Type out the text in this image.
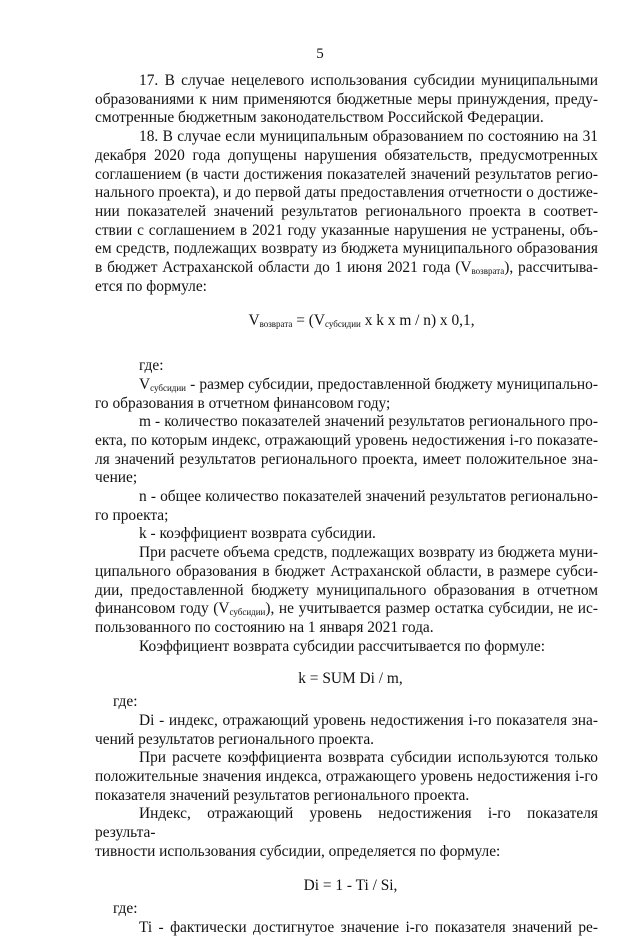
5

17. В случае нецелевого использования субсидии муниципальными

образованиями к ним применяются бюджетные меры принуждения, преду-

смотренные бюджетным законодательством Российской Федерации.

18. В случае если муниципальным образованием по состоянию на 31

декабря 2020 года допущены нарушения обязательств, предусмотренных

соглашением (в части достижения показателей значений результатов регио-

нального проекта), и до первой даты предоставления отчетности о достиже-

нии показателей значений результатов регионального проекта в соответ-

ствии с соглашением в 2021 году указанные нарушения не устранены, объ-

ем средств, подлежащих возврату из бюджета муниципального образования

в бюджет Астраханской области до 1 июня 2021 года $(V_{возврата})$, рассчитыва-

ется по формуле:

$V_{возврата} = (V_{субсидии}$ х k х m / n) х 0,1,

где:

$V_{субсидии}$ - размер субсидии, предоставленной бюджету муниципально-

го образования в отчетном финансовом году;

m - количество показателей значений результатов регионального про-

екта, по которым индекс, отражающий уровень недостижения i-го показате-

ля значений результатов регионального проекта, имеет положительное зна-

чение;

n - общее количество показателей значений результатов регионально-

го проекта;

k - коэффициент возврата субсидии.

При расчете объема средств, подлежащих возврату из бюджета муни-

ципального образования в бюджет Астраханской области, в размере субси-

дии, предоставленной бюджету муниципального образования в отчетном

финансовом году $(V_{субсидии})$, не учитывается размер остатка субсидии, не ис-

пользованного по состоянию на 1 января 2021 года.

Коэффициент возврата субсидии рассчитывается по формуле:

k = SUM Di / m,

где:

Di - индекс, отражающий уровень недостижения i-го показателя зна-

чений результатов регионального проекта.

При расчете коэффициента возврата субсидии используются только

положительные значения индекса, отражающего уровень недостижения i-го

показателя значений результатов регионального проекта.

Индекс, отражающий уровень недостижения i-го показателя результа-

тивности использования субсидии, определяется по формуле:

Di = 1 - Ti / Si,

где:

Ti - фактически достигнутое значение i-го показателя значений ре-
